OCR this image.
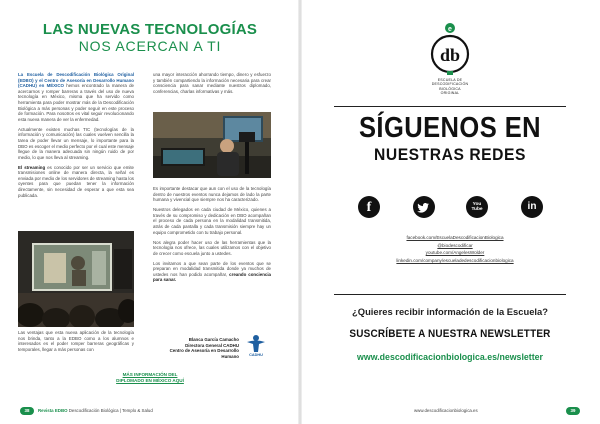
LAS NUEVAS TECNOLOGÍAS
NOS ACERCAN A TI

La Escuela de Descodificación Biológica Original (EDBO) y el Centro de Asesoría en Desarrollo Humano (CADHU) en MÉXICO hemos encontrado la manera de acercarnos y romper barreras a través del uso de nueva tecnología en México, misma que ha servido como herramienta para poder mostrar más de la Descodificación Biológica a más personas y poder seguir en este proceso de formación. Para nosotros es vital seguir revolucionando esta nueva manera de ver la enfermedad.

Actualmente existen muchas TIC (tecnologías de la información y comunicación) las cuales vuelven sencilla la tarea de poder llevar un mensaje, lo importante para la DBO es escoger el medio perfecto por el cual este mensaje llegue de la manera adecuada sin ningún ruido de por medio, lo que nos lleva al streaming.

El streaming es conocido por ser un servicio que emite transmisiones online de manera directa, la señal es enviada por medio de los servidores de streaming hasta los oyentes para que puedan tener la información directamente, sin necesidad de esperar a que esta sea publicada.

Las ventajas que esta nueva aplicación de la tecnología nos brinda, tanto a la EDBO como a los alumnos e interesados es el poder romper barreras geográficas y temporales, llegar a más personas con

una mayor interacción ahorrando tiempo, dinero y esfuerzo y también compartiendo la información necesaria para crear consciencia para sanar mediante nuestros diplomado, conferencias, charlas informativas y más.

Es importante destacar que aun con el uso de la tecnología dentro de nuestros eventos nunca dejamos de lado la parte humana y vivencial que siempre nos ha caracterizado.

Nuestros delegados en cada ciudad de México, quienes a través de su compromiso y dedicación en DBO acompañan el proceso de cada persona en la modalidad transmitida, atrás de cada pantalla y cada transmisión siempre hay un equipo comprometido con tu trabajo personal.

Nos alegra poder hacer uso de las herramientas que la tecnología nos ofrece, las cuales utilizamos con el objetivo de crecer como escuela junto a ustedes.

Los invitamos a que sean parte de los eventos que se preparan en modalidad transmitida donde ya muchos de ustedes nos han podido acompañar, creando conciencia para sanar.

Blanca García Camacho
Directora General CADHU
Centro de Asesoría en Desarrollo Humano	CADHU
MÁS INFORMACIÓN DEL
DIPLOMADO EN MÉXICO AQUÍ
38	Revista EDBO Descodificación Biológica | Templo & Salud
e
db
ESCUELA DE
DESCODIFICACIÓN
BIOLÓGICA
ORIGINAL
SÍGUENOS EN
NUESTRAS REDES
f	You
Tube	in
facebook.com/EscuelaDescodificacionBiologica
@biodescodificar
youtube.com/AngelesWolder
linkedin.com/company/escueladedescodificacionbiologica
¿Quieres recibir información de la Escuela?
SUSCRÍBETE A NUESTRA NEWSLETTER
www.descodificacionbiologica.es/newsletter
www.descodificacionbiologica.es	39
